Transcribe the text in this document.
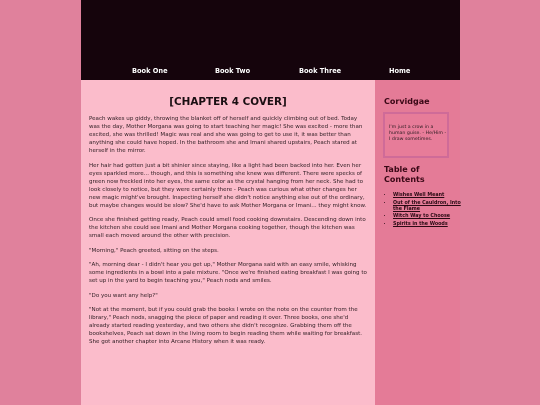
Book One	Book Two	Book Three	Home
[CHAPTER 4 COVER]

Peach wakes up giddy, throwing the blanket off of herself and quickly climbing out of bed. Today was the day, Mother Morgana was going to start teaching her magic! She was excited - more than excited, she was thrilled! Magic was real and she was going to get to use it, it was better than anything she could have hoped. In the bathroom she and Imani shared upstairs, Peach stared at herself in the mirror.

Her hair had gotten just a bit shinier since staying, like a light had been backed into her. Even her eyes sparkled more... though, and this is something she knew was different. There were specks of green now freckled into her eyes, the same color as the crystal hanging from her neck. She had to look closely to notice, but they were certainly there - Peach was curious what other changes her new magic might've brought. Inspecting herself she didn't notice anything else out of the ordinary, but maybe changes would be slow? She'd have to ask Mother Morgana or Imani... they might know.

Once she finished getting ready, Peach could smell food cooking downstairs. Descending down into the kitchen she could see Imani and Mother Morgana cooking together, though the kitchen was small each moved around the other with precision.

"Morning," Peach greeted, sitting on the steps.

"Ah, morning dear - I didn't hear you get up," Mother Morgana said with an easy smile, whisking some ingredients in a bowl into a pale mixture. "Once we're finished eating breakfast I was going to set up in the yard to begin teaching you," Peach nods and smiles.

"Do you want any help?"

"Not at the moment, but if you could grab the books I wrote on the note on the counter from the library," Peach nods, snagging the piece of paper and reading it over. Three books, one she'd already started reading yesterday, and two others she didn't recognize. Grabbing them off the bookshelves, Peach sat down in the living room to begin reading them while waiting for breakfast. She got another chapter into Arcane History when it was ready.

Corvidgae

I'm just a crow in a human guise. - He/Him - I draw sometimes.

Table of Contents
• Wishes Well Meant
• Out of the Cauldron, Into the Flame
• Witch Way to Choose
• Spirits in the Woods
